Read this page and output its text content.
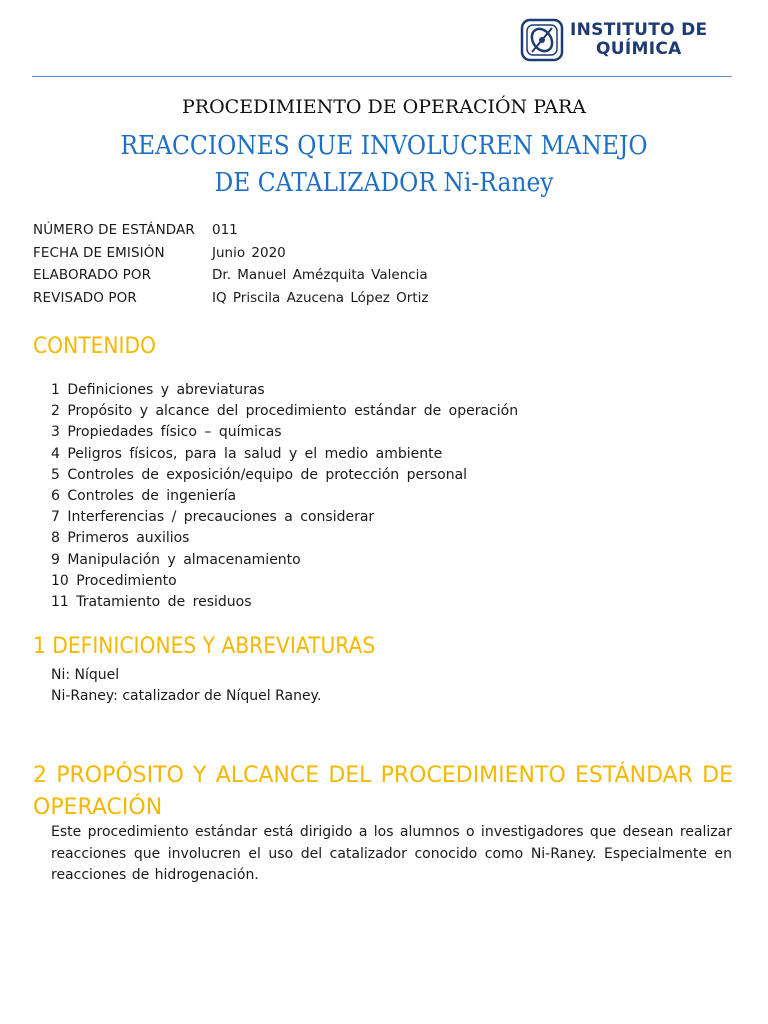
INSTITUTO DE
QUÍMICA
PROCEDIMIENTO DE OPERACIÓN PARA
REACCIONES QUE INVOLUCREN MANEJO
DE CATALIZADOR Ni-Raney
NÚMERO DE ESTÁNDAR	011
FECHA DE EMISIÓN	Junio 2020
ELABORADO POR	Dr. Manuel Amézquita Valencia
REVISADO POR	IQ Priscila Azucena López Ortiz
CONTENIDO
1 Definiciones y abreviaturas
2 Propósito y alcance del procedimiento estándar de operación
3 Propiedades físico – químicas
4 Peligros físicos, para la salud y el medio ambiente
5 Controles de exposición/equipo de protección personal
6 Controles de ingeniería
7 Interferencias / precauciones a considerar
8 Primeros auxilios
9 Manipulación y almacenamiento
10 Procedimiento
11 Tratamiento de residuos
1 DEFINICIONES Y ABREVIATURAS
Ni: Níquel
Ni-Raney: catalizador de Níquel Raney.
2 PROPÓSITO Y ALCANCE DEL PROCEDIMIENTO ESTÁNDAR DE OPERACIÓN
Este procedimiento estándar está dirigido a los alumnos o investigadores que desean realizar reacciones que involucren el uso del catalizador conocido como Ni-Raney. Especialmente en reacciones de hidrogenación.
